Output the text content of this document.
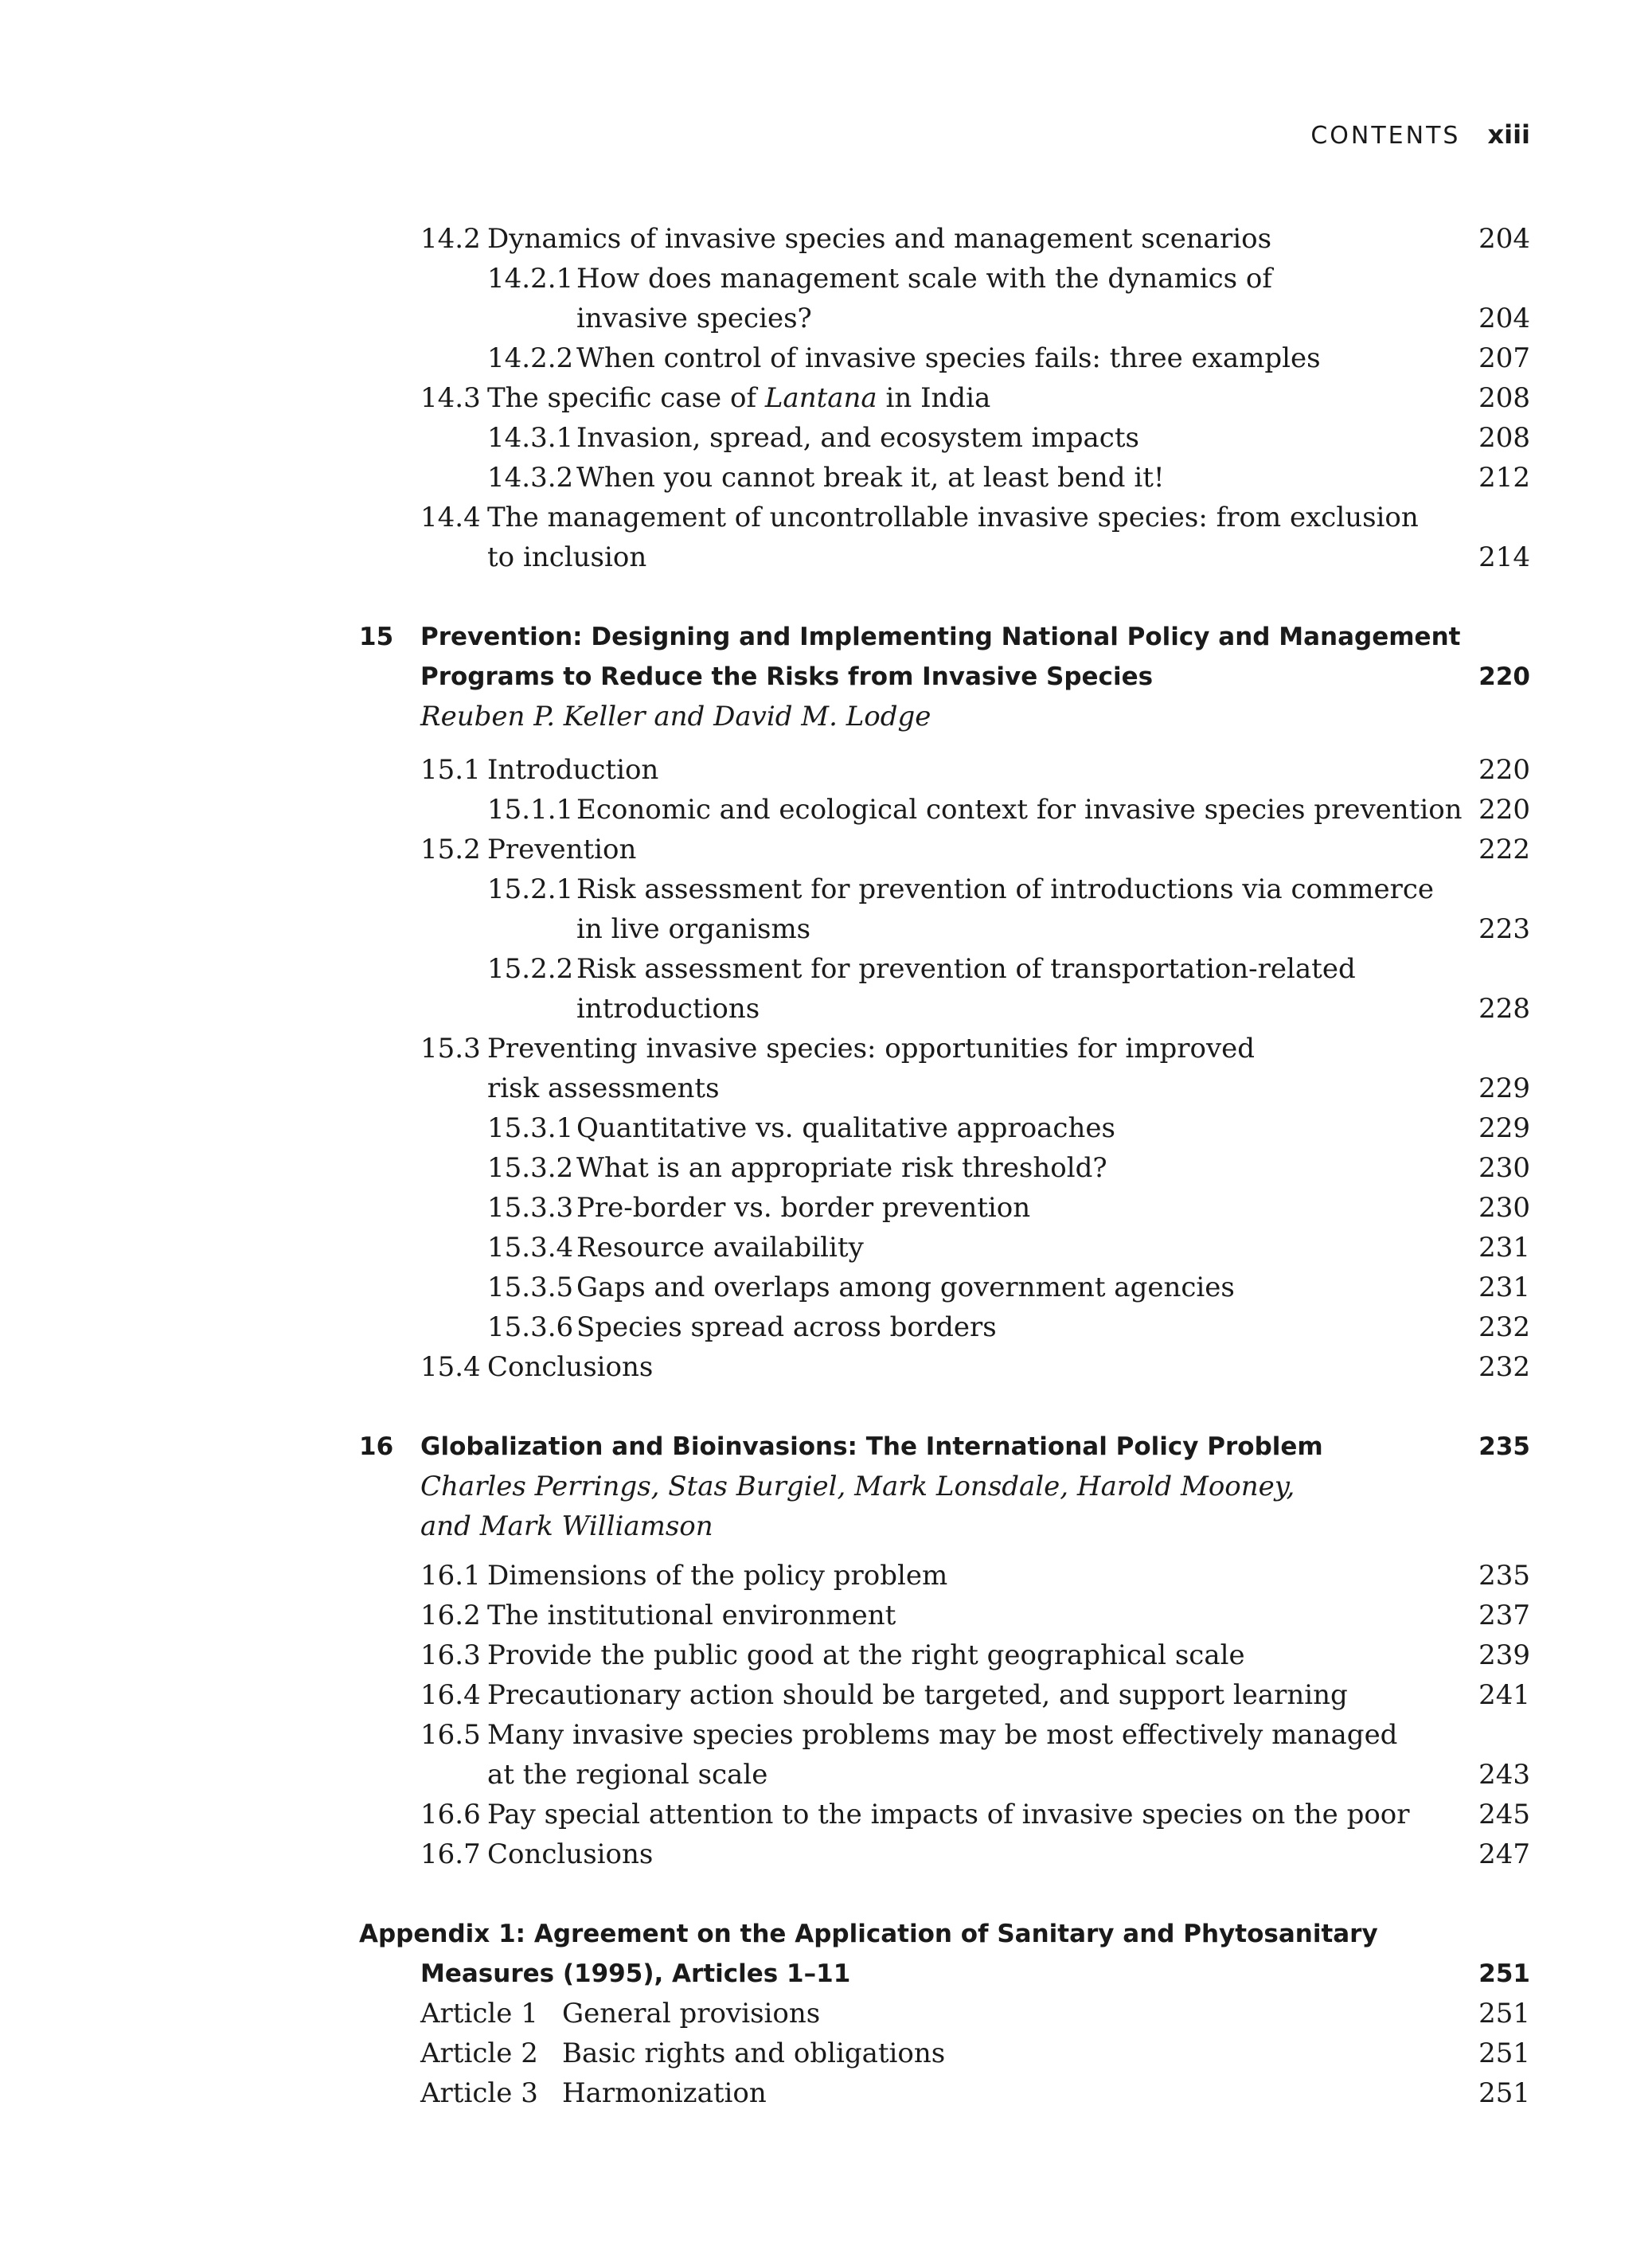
CONTENTS xiii
14.2 Dynamics of invasive species and management scenarios	204
14.2.1 How does management scale with the dynamics of
invasive species?	204
14.2.2 When control of invasive species fails: three examples	207
14.3 The specific case of Lantana in India	208
14.3.1 Invasion, spread, and ecosystem impacts	208
14.3.2 When you cannot break it, at least bend it!	212
14.4 The management of uncontrollable invasive species: from exclusion
to inclusion	214
15 Prevention: Designing and Implementing National Policy and Management
Programs to Reduce the Risks from Invasive Species	220
Reuben P. Keller and David M. Lodge
15.1 Introduction	220
15.1.1 Economic and ecological context for invasive species prevention 220
15.2 Prevention	222
15.2.1 Risk assessment for prevention of introductions via commerce
in live organisms	223
15.2.2 Risk assessment for prevention of transportation-related
introductions	228
15.3 Preventing invasive species: opportunities for improved
risk assessments	229
15.3.1 Quantitative vs. qualitative approaches	229
15.3.2 What is an appropriate risk threshold?	230
15.3.3 Pre-border vs. border prevention	230
15.3.4 Resource availability	231
15.3.5 Gaps and overlaps among government agencies	231
15.3.6 Species spread across borders	232
15.4 Conclusions	232
16 Globalization and Bioinvasions: The International Policy Problem	235
Charles Perrings, Stas Burgiel, Mark Lonsdale, Harold Mooney,
and Mark Williamson
16.1 Dimensions of the policy problem	235
16.2 The institutional environment	237
16.3 Provide the public good at the right geographical scale	239
16.4 Precautionary action should be targeted, and support learning	241
16.5 Many invasive species problems may be most effectively managed
at the regional scale	243
16.6 Pay special attention to the impacts of invasive species on the poor	245
16.7 Conclusions	247
Appendix 1: Agreement on the Application of Sanitary and Phytosanitary
Measures (1995), Articles 1–11	251
Article 1 General provisions	251
Article 2 Basic rights and obligations	251
Article 3 Harmonization	251
